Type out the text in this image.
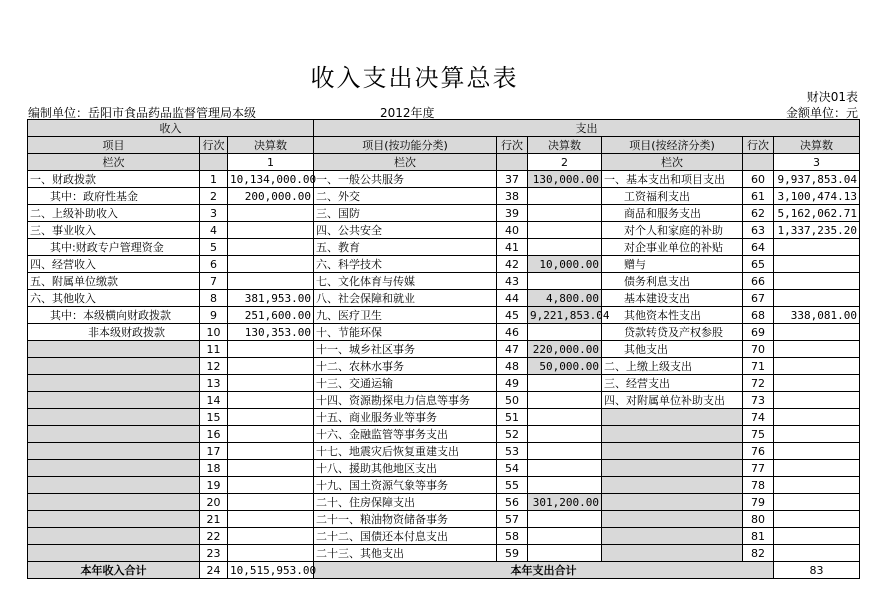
收入支出决算总表
财决01表
编制单位：岳阳市食品药品监督管理局本级	2012年度	金额单位：元
收入			支出						
项目	行次	决算数	项目(按功能分类)	行次	决算数	项目(按经济分类)	行次	决算数	
栏次		1	栏次		2	栏次		3	
一、财政拨款	1	10,134,000.00	一、一般公共服务	37	130,000.00	一、基本支出和项目支出	60	9,937,853.04	
其中：政府性基金	2	200,000.00	二、外交	38		工资福利支出	61	3,100,474.13	
二、上级补助收入	3		三、国防	39		商品和服务支出	62	5,162,062.71	
三、事业收入	4		四、公共安全	40		对个人和家庭的补助	63	1,337,235.20	
其中:财政专户管理资金	5		五、教育	41		对企事业单位的补贴	64		
四、经营收入	6		六、科学技术	42	10,000.00	赠与	65		
五、附属单位缴款	7		七、文化体育与传媒	43		债务利息支出	66		
六、其他收入	8	381,953.00	八、社会保障和就业	44	4,800.00	基本建设支出	67		
其中：本级横向财政拨款	9	251,600.00	九、医疗卫生	45	9,221,853.04	其他资本性支出	68	338,081.00	
非本级财政拨款	10	130,353.00	十、节能环保	46		贷款转贷及产权参股	69		
	11		十一、城乡社区事务	47	220,000.00	其他支出	70		
	12		十二、农林水事务	48	50,000.00	二、上缴上级支出	71		
	13		十三、交通运输	49		三、经营支出	72		
	14		十四、资源勘探电力信息等事务	50		四、对附属单位补助支出	73		
	15		十五、商业服务业等事务	51			74		
	16		十六、金融监管等事务支出	52			75		
	17		十七、地震灾后恢复重建支出	53			76		
	18		十八、援助其他地区支出	54			77		
	19		十九、国土资源气象等事务	55			78		
	20		二十、住房保障支出	56	301,200.00		79		
	21		二十一、粮油物资储备事务	57			80		
	22		二十二、国债还本付息支出	58			81		
	23		二十三、其他支出	59			82		
本年收入合计	24	10,515,953.00	本年支出合计					83	
